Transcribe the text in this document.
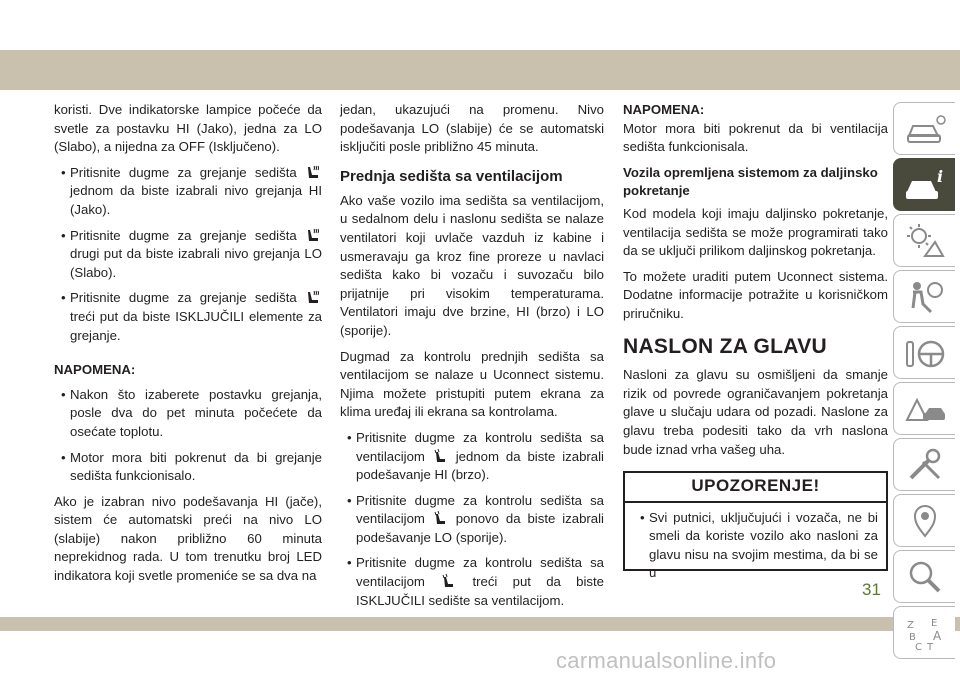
koristi. Dve indikatorske lampice počeće da svetle za postavku HI (Jako), jedna za LO (Slabo), a nijedna za OFF (Isključeno).

• Pritisnite dugme za grejanje sedišta  jednom da biste izabrali nivo grejanja HI (Jako).
• Pritisnite dugme za grejanje sedišta  drugi put da biste izabrali nivo grejanja LO (Slabo).
• Pritisnite dugme za grejanje sedišta  treći put da biste ISKLJUČILI elemente za grejanje.
NAPOMENA:
• Nakon što izaberete postavku grejanja, posle dva do pet minuta počećete da osećate toplotu.
• Motor mora biti pokrenut da bi grejanje sedišta funkcionisalo.

Ako je izabran nivo podešavanja HI (jače), sistem će automatski preći na nivo LO (slabije) nakon približno 60 minuta neprekidnog rada. U tom trenutku broj LED indikatora koji svetle promeniće se sa dva na

jedan, ukazujući na promenu. Nivo podešavanja LO (slabije) će se automatski isključiti posle približno 45 minuta.

Prednja sedišta sa ventilacijom

Ako vaše vozilo ima sedišta sa ventilacijom, u sedalnom delu i naslonu sedišta se nalaze ventilatori koji uvlače vazduh iz kabine i usmeravaju ga kroz fine proreze u navlaci sedišta kako bi vozaču i suvozaču bilo prijatnije pri visokim temperaturama. Ventilatori imaju dve brzine, HI (brzo) i LO (sporije).

Dugmad za kontrolu prednjih sedišta sa ventilacijom se nalaze u Uconnect sistemu. Njima možete pristupiti putem ekrana za klima uređaj ili ekrana sa kontrolama.

• Pritisnite dugme za kontrolu sedišta sa ventilacijom jednom da biste izabrali podešavanje HI (brzo).
• Pritisnite dugme za kontrolu sedišta sa ventilacijom ponovo da biste izabrali podešavanje LO (sporije).
• Pritisnite dugme za kontrolu sedišta sa ventilacijom	treći put da biste ISKLJUČILI sedište sa ventilacijom.
NAPOMENA:

Motor mora biti pokrenut da bi ventilacija sedišta funkcionisala.

Vozila opremljena sistemom za daljinsko pokretanje

Kod modela koji imaju daljinsko pokretanje, ventilacija sedišta se može programirati tako da se uključi prilikom daljinskog pokretanja.

To možete uraditi putem Uconnect sistema. Dodatne informacije potražite u korisničkom priručniku.

NASLON ZA GLAVU

Nasloni za glavu su osmišljeni da smanje rizik od povrede ograničavanjem pokretanja glave u slučaju udara od pozadi. Naslone za glavu treba podesiti tako da vrh naslona bude iznad vrha vašeg uha.

UPOZORENJE!
• Svi putnici, uključujući i vozača, ne bi smeli da koriste vozilo ako nasloni za glavu nisu na svojim mestima, da bi se u
i
Z E
B A
C T
31
carmanualsonline.info
